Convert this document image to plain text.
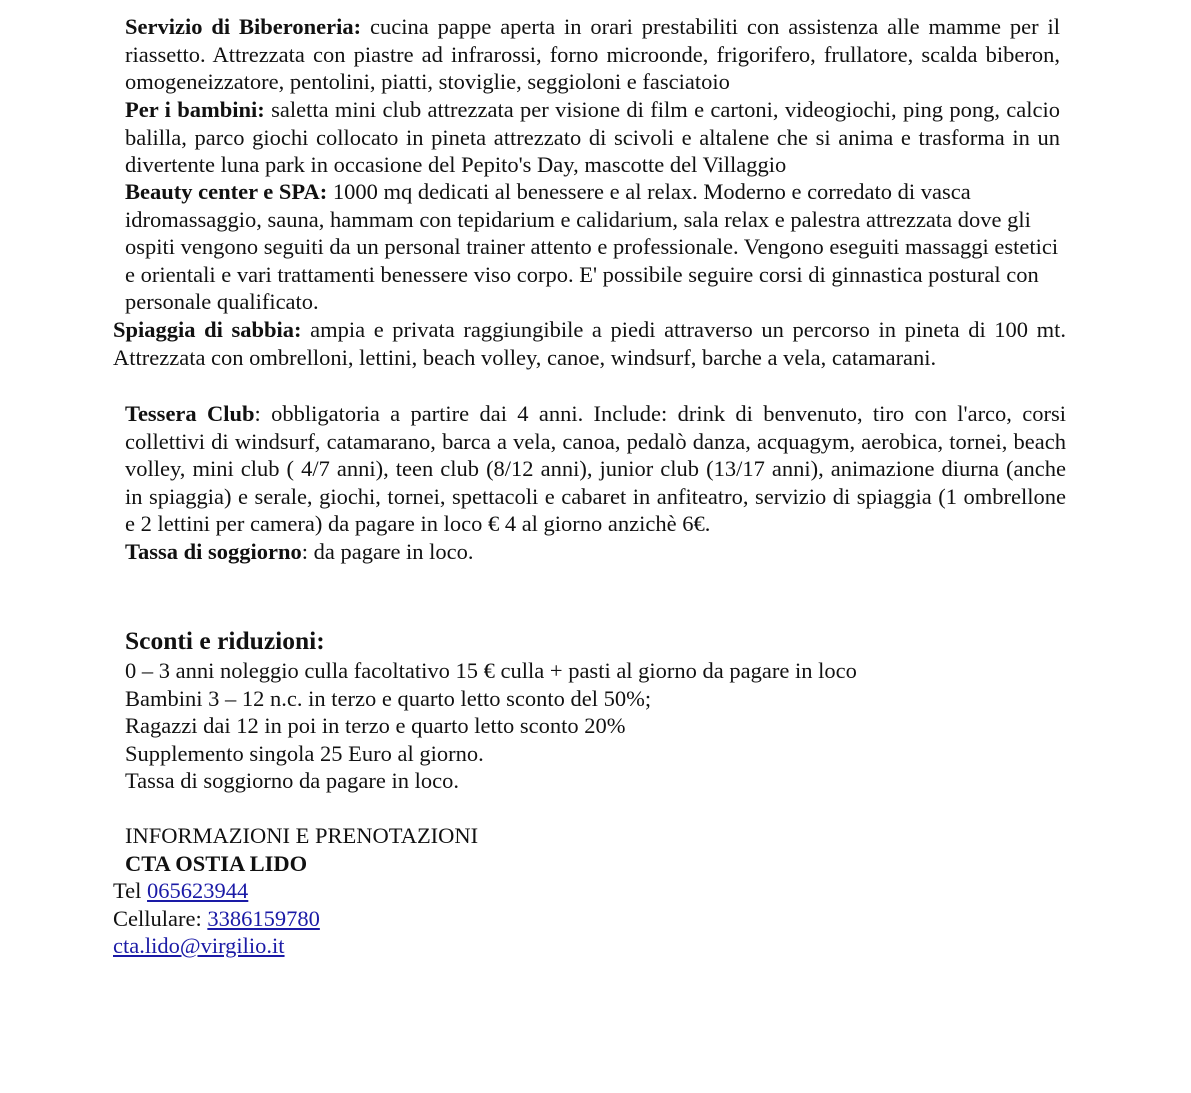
Servizio di Biberoneria: cucina pappe aperta in orari prestabiliti con assistenza alle mamme per il riassetto. Attrezzata con piastre ad infrarossi, forno microonde, frigorifero, frullatore, scalda biberon, omogeneizzatore, pentolini, piatti, stoviglie, seggioloni e fasciatoio

Per i bambini: saletta mini club attrezzata per visione di film e cartoni, videogiochi, ping pong, calcio balilla, parco giochi collocato in pineta attrezzato di scivoli e altalene che si anima e trasforma in un divertente luna park in occasione del Pepito's Day, mascotte del Villaggio

Beauty center e SPA: 1000 mq dedicati al benessere e al relax. Moderno e corredato di vasca idromassaggio, sauna, hammam con tepidarium e calidarium, sala relax e palestra attrezzata dove gli ospiti vengono seguiti da un personal trainer attento e professionale. Vengono eseguiti massaggi estetici e orientali e vari trattamenti benessere viso corpo. E' possibile seguire corsi di ginnastica postural con personale qualificato.

Spiaggia di sabbia: ampia e privata raggiungibile a piedi attraverso un percorso in pineta di 100 mt. Attrezzata con ombrelloni, lettini, beach volley, canoe, windsurf, barche a vela, catamarani.

Tessera Club: obbligatoria a partire dai 4 anni. Include: drink di benvenuto, tiro con l'arco, corsi collettivi di windsurf, catamarano, barca a vela, canoa, pedalò danza, acquagym, aerobica, tornei, beach volley, mini club ( 4/7 anni), teen club (8/12 anni), junior club (13/17 anni), animazione diurna (anche in spiaggia) e serale, giochi, tornei, spettacoli e cabaret in anfiteatro, servizio di spiaggia (1 ombrellone e 2 lettini per camera) da pagare in loco € 4 al giorno anzichè 6€.
Tassa di soggiorno: da pagare in loco.

Sconti e riduzioni:

0 – 3 anni noleggio culla facoltativo 15 € culla + pasti al giorno da pagare in loco

Bambini 3 – 12 n.c. in terzo e quarto letto sconto del 50%;

Ragazzi dai 12 in poi in terzo e quarto letto sconto 20%

Supplemento singola 25 Euro al giorno.

Tassa di soggiorno da pagare in loco.

INFORMAZIONI E PRENOTAZIONI

CTA OSTIA LIDO

Tel 065623944

Cellulare: 3386159780

cta.lido@virgilio.it
